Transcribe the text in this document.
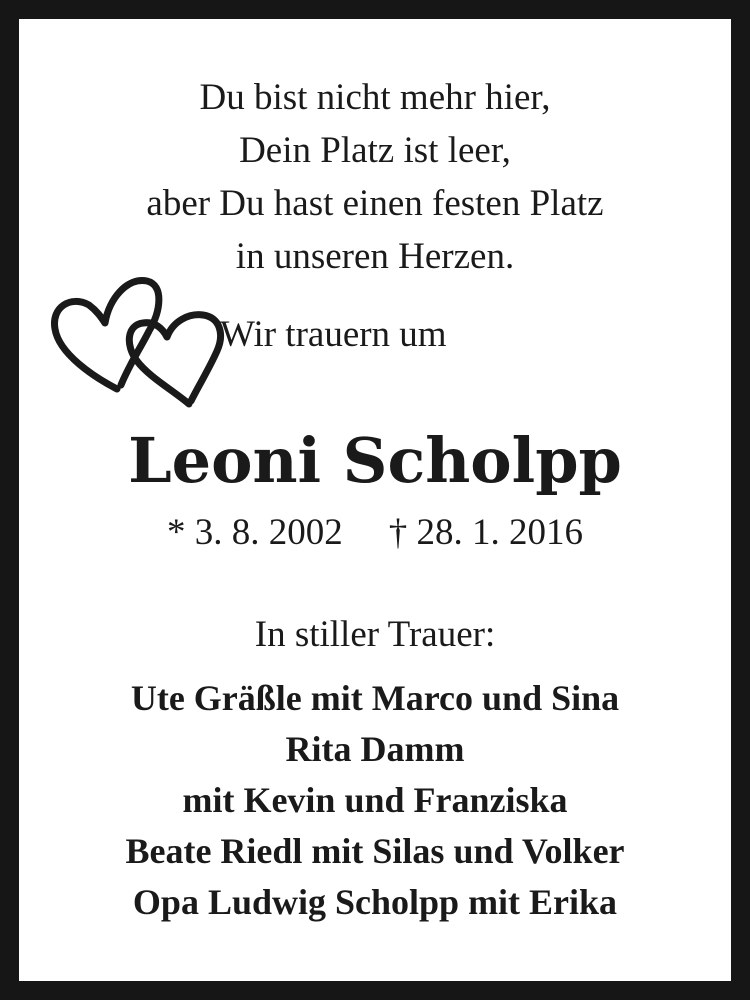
Du bist nicht mehr hier,
Dein Platz ist leer,
aber Du hast einen festen Platz
in unseren Herzen.
Wir trauern um
Leoni Scholpp
* 3. 8. 2002 † 28. 1. 2016
In stiller Trauer:
Ute Gräßle mit Marco und Sina
Rita Damm
mit Kevin und Franziska
Beate Riedl mit Silas und Volker
Opa Ludwig Scholpp mit Erika
